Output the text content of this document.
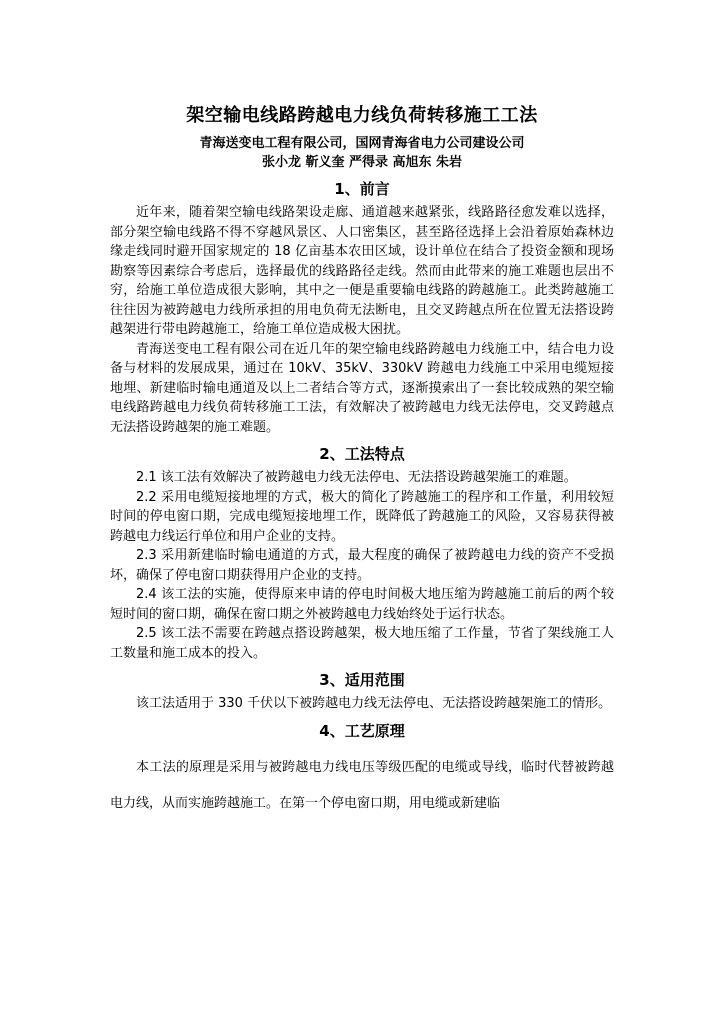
架空输电线路跨越电力线负荷转移施工工法
青海送变电工程有限公司，国网青海省电力公司建设公司
张小龙 靳义奎 严得录 高旭东 朱岩
1、前言

近年来，随着架空输电线路架设走廊、通道越来越紧张，线路路径愈发难以选择，部分架空输电线路不得不穿越风景区、人口密集区，甚至路径选择上会沿着原始森林边缘走线同时避开国家规定的 18 亿亩基本农田区域，设计单位在结合了投资金额和现场勘察等因素综合考虑后，选择最优的线路路径走线。然而由此带来的施工难题也层出不穷，给施工单位造成很大影响，其中之一便是重要输电线路的跨越施工。此类跨越施工往往因为被跨越电力线所承担的用电负荷无法断电，且交叉跨越点所在位置无法搭设跨越架进行带电跨越施工，给施工单位造成极大困扰。

青海送变电工程有限公司在近几年的架空输电线路跨越电力线施工中，结合电力设备与材料的发展成果，通过在 10kV、35kV、330kV 跨越电力线施工中采用电缆短接地埋、新建临时输电通道及以上二者结合等方式，逐渐摸索出了一套比较成熟的架空输电线路跨越电力线负荷转移施工工法，有效解决了被跨越电力线无法停电，交叉跨越点无法搭设跨越架的施工难题。

2、工法特点

2.1 该工法有效解决了被跨越电力线无法停电、无法搭设跨越架施工的难题。

2.2 采用电缆短接地埋的方式，极大的简化了跨越施工的程序和工作量，利用较短时间的停电窗口期，完成电缆短接地埋工作，既降低了跨越施工的风险，又容易获得被跨越电力线运行单位和用户企业的支持。

2.3 采用新建临时输电通道的方式，最大程度的确保了被跨越电力线的资产不受损坏，确保了停电窗口期获得用户企业的支持。

2.4 该工法的实施，使得原来申请的停电时间极大地压缩为跨越施工前后的两个较短时间的窗口期，确保在窗口期之外被跨越电力线始终处于运行状态。

2.5 该工法不需要在跨越点搭设跨越架，极大地压缩了工作量，节省了架线施工人工数量和施工成本的投入。

3、适用范围

该工法适用于 330 千伏以下被跨越电力线无法停电、无法搭设跨越架施工的情形。

4、工艺原理

本工法的原理是采用与被跨越电力线电压等级匹配的电缆或导线，临时代替被跨越电力线，从而实施跨越施工。在第一个停电窗口期，用电缆或新建临
